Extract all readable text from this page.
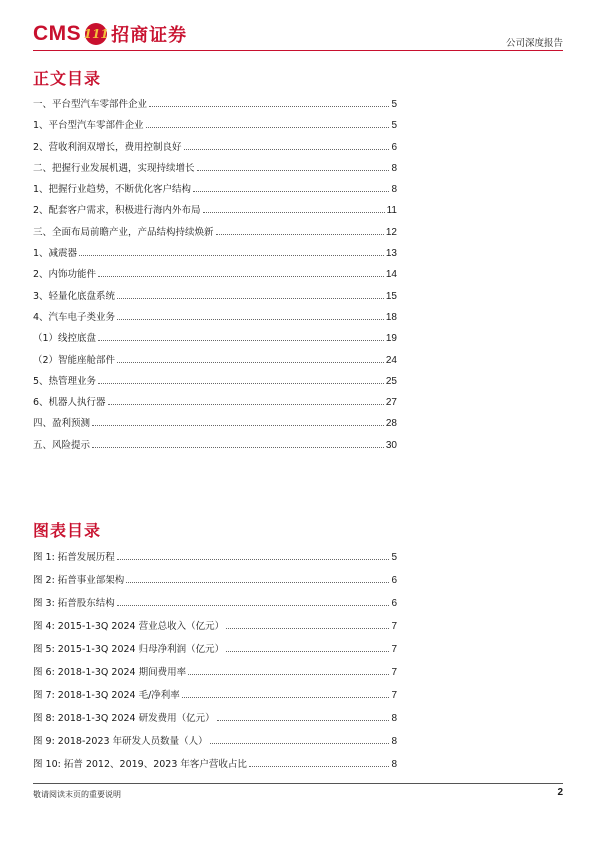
CMS 111 招商证券	公司深度报告
正文目录
一、平台型汽车零部件企业	5
1、平台型汽车零部件企业	5
2、营收利润双增长，费用控制良好	6
二、把握行业发展机遇，实现持续增长	8
1、把握行业趋势，不断优化客户结构	8
2、配套客户需求，积极进行海内外布局	11
三、全面布局前瞻产业，产品结构持续焕新	12
1、减震器	13
2、内饰功能件	14
3、轻量化底盘系统	15
4、汽车电子类业务	18
（1）线控底盘	19
（2）智能座舱部件	24
5、热管理业务	25
6、机器人执行器	27
四、盈利预测	28
五、风险提示	30
图表目录
图 1: 拓普发展历程	5
图 2: 拓普事业部架构	6
图 3: 拓普股东结构	6
图 4: 2015-1-3Q 2024 营业总收入（亿元）	7
图 5: 2015-1-3Q 2024 归母净利润（亿元）	7
图 6: 2018-1-3Q 2024 期间费用率	7
图 7: 2018-1-3Q 2024 毛/净利率	7
图 8: 2018-1-3Q 2024 研发费用（亿元）	8
图 9: 2018-2023 年研发人员数量（人）	8
图 10: 拓普 2012、2019、2023 年客户营收占比	8
敬请阅读末页的重要说明	2
